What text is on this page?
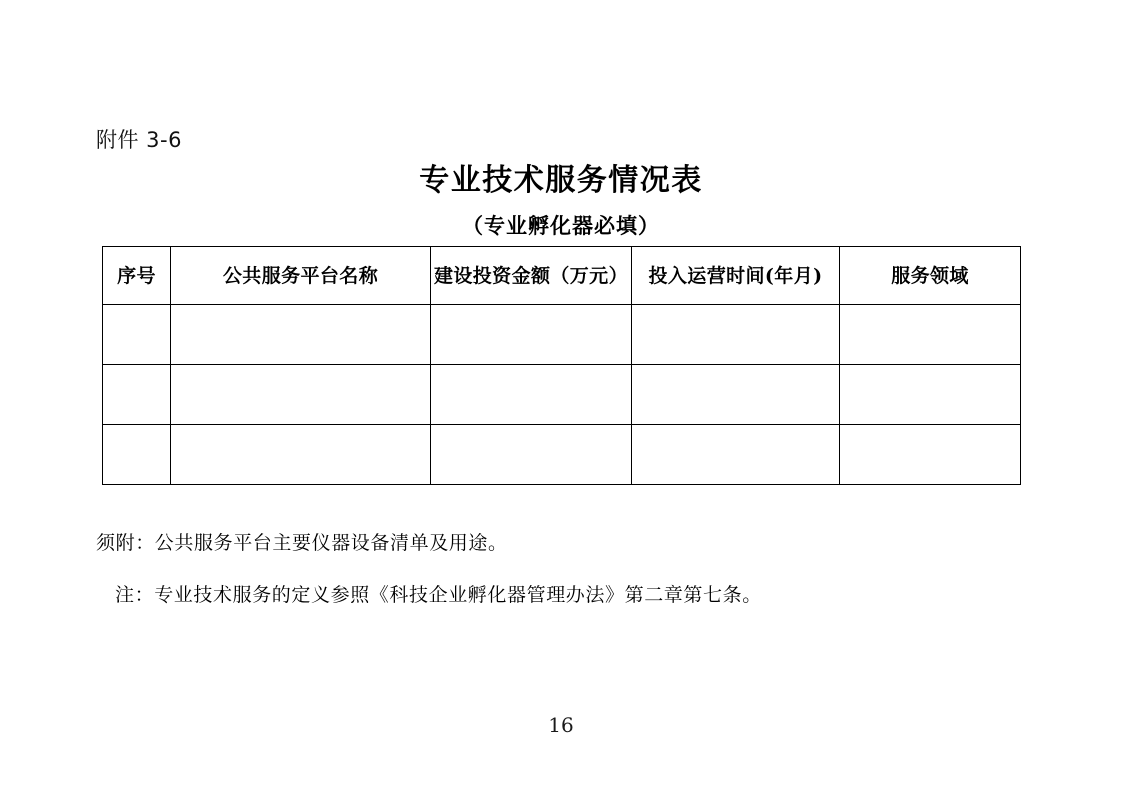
附件 3-6
专业技术服务情况表
（专业孵化器必填）
序号	公共服务平台名称	建设投资金额（万元）	投入运营时间(年月)	服务领域

须附：公共服务平台主要仪器设备清单及用途。
注：专业技术服务的定义参照《科技企业孵化器管理办法》第二章第七条。
16
